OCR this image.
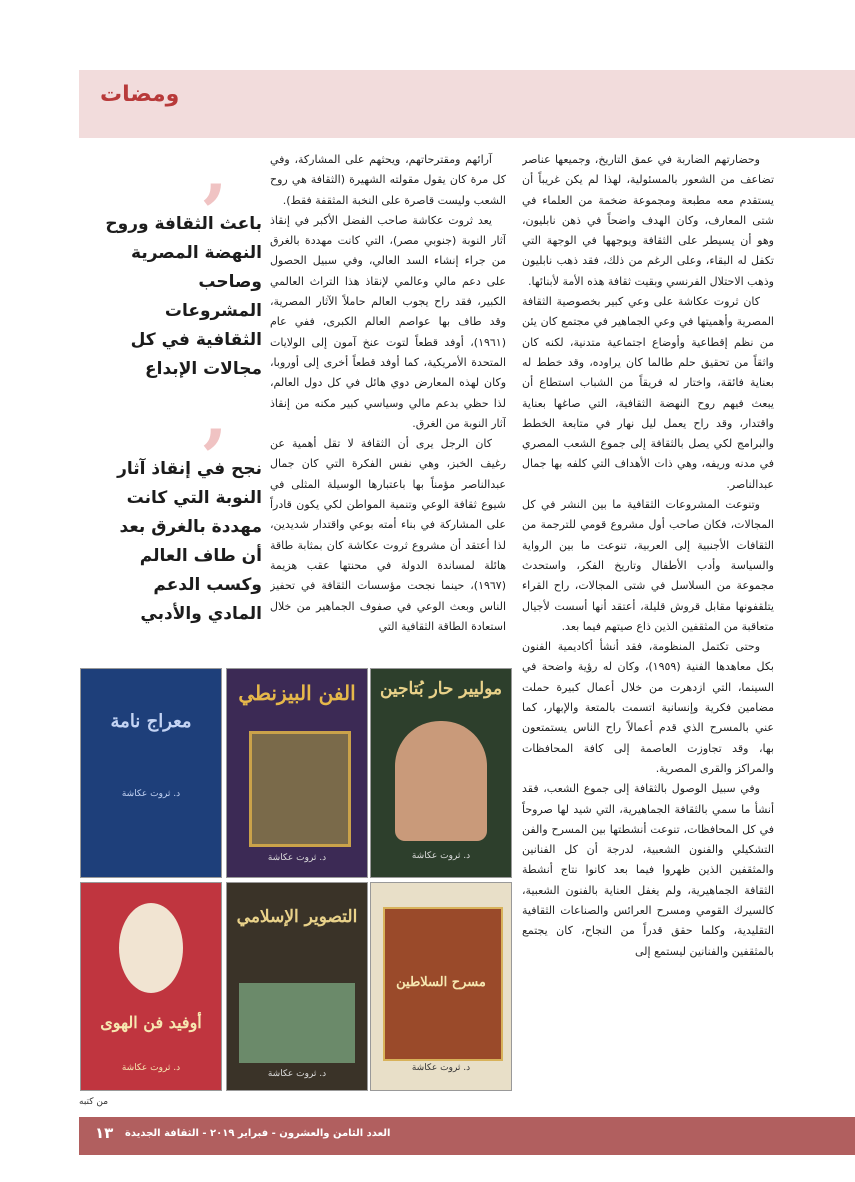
ومضات

وحضارتهم الضاربة في عمق التاريخ، وجميعها عناصر تضاعف من الشعور بالمسئولية، لهذا لم يكن غريباً أن يستقدم معه مطبعة ومجموعة ضخمة من العلماء في شتى المعارف، وكان الهدف واضحاً في ذهن نابليون، وهو أن يسيطر على الثقافة ويوجهها في الوجهة التي تكفل له البقاء، وعلى الرغم من ذلك، فقد ذهب نابليون وذهب الاحتلال الفرنسي وبقيت ثقافة هذه الأمة لأبنائها.

كان ثروت عكاشة على وعي كبير بخصوصية الثقافة المصرية وأهميتها في وعي الجماهير في مجتمع كان يئن من نظم إقطاعية وأوضاع اجتماعية متدنية، لكنه كان واثقاً من تحقيق حلم طالما كان يراوده، وقد خطط له بعناية فائقة، واختار له فريقاً من الشباب استطاع أن يبعث فيهم روح النهضة الثقافية، التي صاغها بعناية واقتدار، وقد راح يعمل ليل نهار في متابعة الخطط والبرامج لكي يصل بالثقافة إلى جموع الشعب المصري في مدنه وريفه، وهي ذات الأهداف التي كلفه بها جمال عبدالناصر.

وتنوعت المشروعات الثقافية ما بين النشر في كل المجالات، فكان صاحب أول مشروع قومي للترجمة من الثقافات الأجنبية إلى العربية، تنوعت ما بين الرواية والسياسة وأدب الأطفال وتاريخ الفكر، واستحدث مجموعة من السلاسل في شتى المجالات، راح القراء يتلقفونها مقابل قروش قليلة، أعتقد أنها أسست لأجيال متعاقبة من المثقفين الذين ذاع صيتهم فيما بعد.

وحتى تكتمل المنظومة، فقد أنشأ أكاديمية الفنون بكل معاهدها الفنية (١٩٥٩)، وكان له رؤية واضحة في السينما، التي ازدهرت من خلال أعمال كبيرة حملت مضامين فكرية وإنسانية اتسمت بالمتعة والإبهار، كما عني بالمسرح الذي قدم أعمالاً راح الناس يستمتعون بها، وقد تجاوزت العاصمة إلى كافة المحافظات والمراكز والقرى المصرية.

وفي سبيل الوصول بالثقافة إلى جموع الشعب، فقد أنشأ ما سمي بالثقافة الجماهيرية، التي شيد لها صروحاً في كل المحافظات، تنوعت أنشطتها بين المسرح والفن التشكيلي والفنون الشعبية، لدرجة أن كل الفنانين والمثقفين الذين ظهروا فيما بعد كانوا نتاج أنشطة الثقافة الجماهيرية، ولم يغفل العناية بالفنون الشعبية، كالسيرك القومي ومسرح العرائس والصناعات الثقافية التقليدية، وكلما حقق قدراً من النجاح، كان يجتمع بالمثقفين والفنانين ليستمع إلى

آرائهم ومقترحاتهم، ويحثهم على المشاركة، وفي كل مرة كان يقول مقولته الشهيرة (الثقافة هي روح الشعب وليست قاصرة على النخبة المثقفة فقط).

يعد ثروت عكاشة صاحب الفضل الأكبر في إنقاذ آثار النوبة (جنوبي مصر)، التي كانت مهددة بالغرق من جراء إنشاء السد العالي، وفي سبيل الحصول على دعم مالي وعالمي لإنقاذ هذا التراث العالمي الكبير، فقد راح يجوب العالم حاملاً الآثار المصرية، وقد طاف بها عواصم العالم الكبرى، ففي عام (١٩٦١)، أوفد قطعاً لتوت عنخ آمون إلى الولايات المتحدة الأمريكية، كما أوفد قطعاً أخرى إلى أوروبا، وكان لهذه المعارض دوي هائل في كل دول العالم، لذا حظي بدعم مالي وسياسي كبير مكنه من إنقاذ آثار النوبة من الغرق.

كان الرجل يرى أن الثقافة لا تقل أهمية عن رغيف الخبز، وهي نفس الفكرة التي كان جمال عبدالناصر مؤمناً بها باعتبارها الوسيلة المثلى في شيوع ثقافة الوعي وتنمية المواطن لكي يكون قادراً على المشاركة في بناء أمته بوعي واقتدار شديدين، لذا أعتقد أن مشروع ثروت عكاشة كان بمثابة طاقة هائلة لمساندة الدولة في محنتها عقب هزيمة (١٩٦٧)، حينما نجحت مؤسسات الثقافة في تحفيز الناس وبعث الوعي في صفوف الجماهير من خلال استعادة الطاقة الثقافية التي

’
باعث الثقافة وروح النهضة المصرية وصاحب المشروعات الثقافية في كل مجالات الإبداع
’
نجح في إنقاذ آثار النوبة التي كانت مهددة بالغرق بعد أن طاف العالم وكسب الدعم المادي والأدبي
موليير حار بُتاجين
د. ثروت عكاشة
الفن البيزنطي
د. ثروت عكاشة
معراج نامة
د. ثروت عكاشة
مسرح السلاطين
د. ثروت عكاشة
التصوير الإسلامي
د. ثروت عكاشة
أوفيد فن الهوى
د. ثروت عكاشة
من كتبه
العدد الثامن والعشرون - فبراير ٢٠١٩ - الثقافة الجديدة
١٣
